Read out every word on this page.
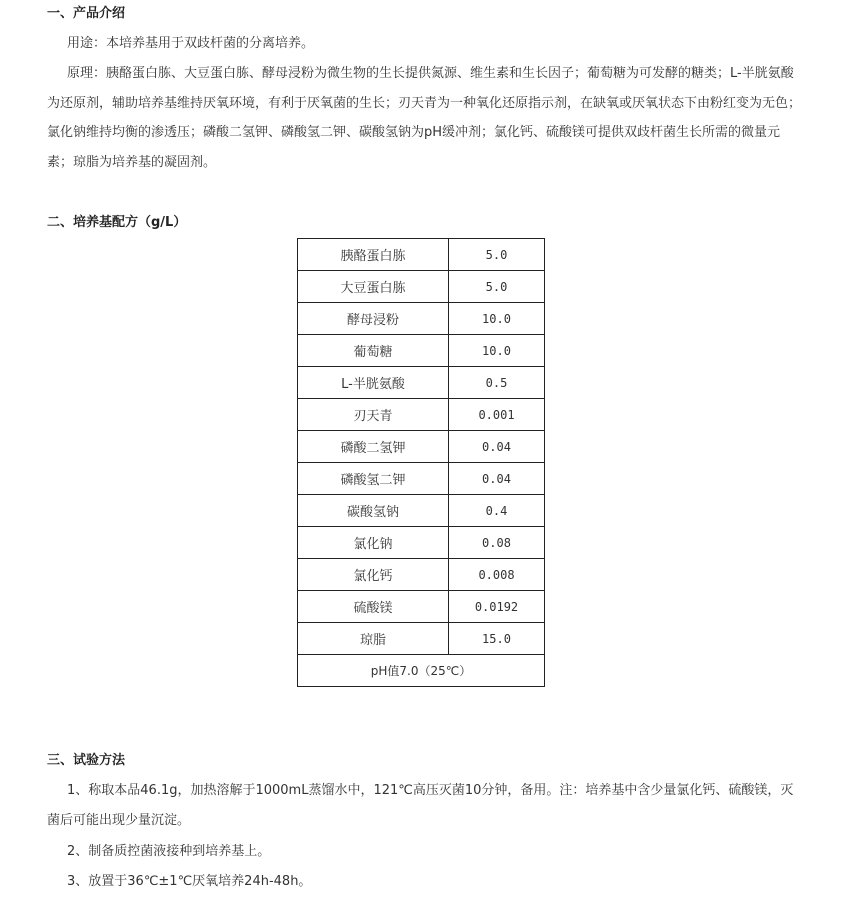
一、产品介绍

用途：本培养基用于双歧杆菌的分离培养。

原理：胰酪蛋白胨、大豆蛋白胨、酵母浸粉为微生物的生长提供氮源、维生素和生长因子；葡萄糖为可发酵的糖类；L-半胱氨酸为还原剂，辅助培养基维持厌氧环境，有利于厌氧菌的生长；刃天青为一种氧化还原指示剂，在缺氧或厌氧状态下由粉红变为无色；氯化钠维持均衡的渗透压；磷酸二氢钾、磷酸氢二钾、碳酸氢钠为pH缓冲剂；氯化钙、硫酸镁可提供双歧杆菌生长所需的微量元素；琼脂为培养基的凝固剂。

二、培养基配方（g/L）
胰酪蛋白胨	5.0
大豆蛋白胨	5.0
酵母浸粉	10.0
葡萄糖	10.0
L-半胱氨酸	0.5
刃天青	0.001
磷酸二氢钾	0.04
磷酸氢二钾	0.04
碳酸氢钠	0.4
氯化钠	0.08
氯化钙	0.008
硫酸镁	0.0192
琼脂	15.0
pH值7.0（25℃）	
三、试验方法

1、称取本品46.1g，加热溶解于1000mL蒸馏水中，121℃高压灭菌10分钟，备用。注：培养基中含少量氯化钙、硫酸镁，灭菌后可能出现少量沉淀。

2、制备质控菌液接种到培养基上。

3、放置于36℃±1℃厌氧培养24h-48h。
